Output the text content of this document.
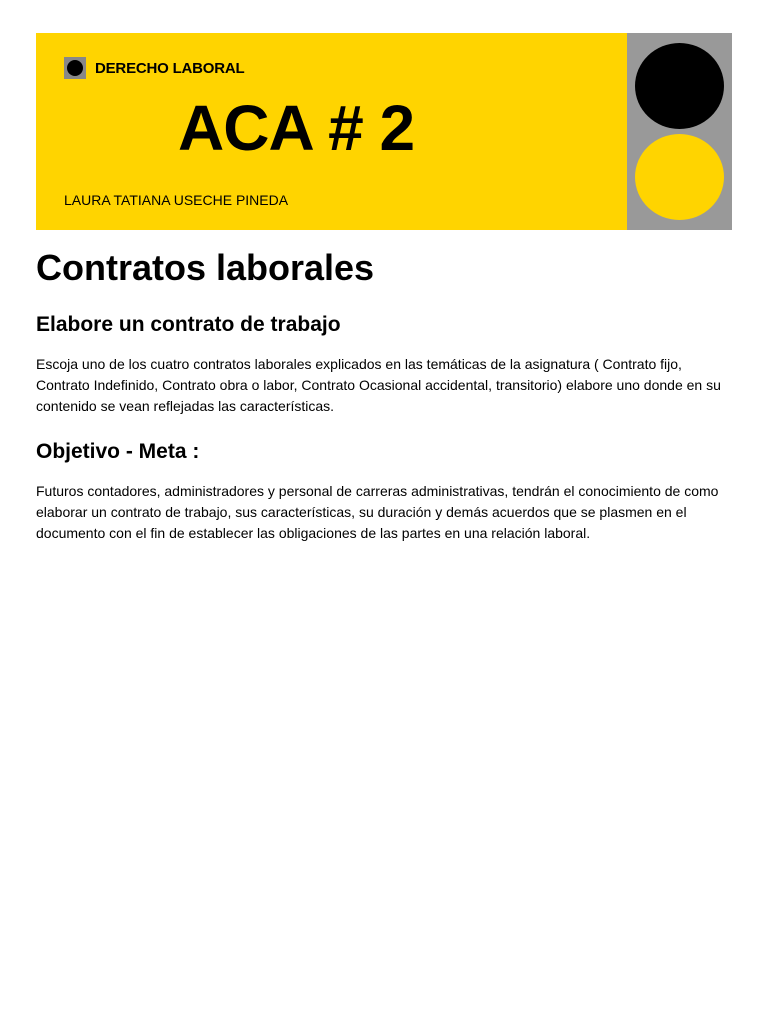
DERECHO LABORAL
ACA # 2
LAURA TATIANA USECHE PINEDA
Contratos laborales
Elabore un contrato de trabajo

Escoja uno de los cuatro contratos laborales explicados en las temáticas de la asignatura ( Contrato fijo, Contrato Indefinido, Contrato obra o labor, Contrato Ocasional accidental, transitorio) elabore uno donde en su contenido se vean reflejadas las características.

Objetivo - Meta :

Futuros contadores, administradores y personal de carreras administrativas, tendrán el conocimiento de como elaborar un contrato de trabajo, sus características, su duración y demás acuerdos que se plasmen en el documento con el fin de establecer las obligaciones de las partes en una relación laboral.
